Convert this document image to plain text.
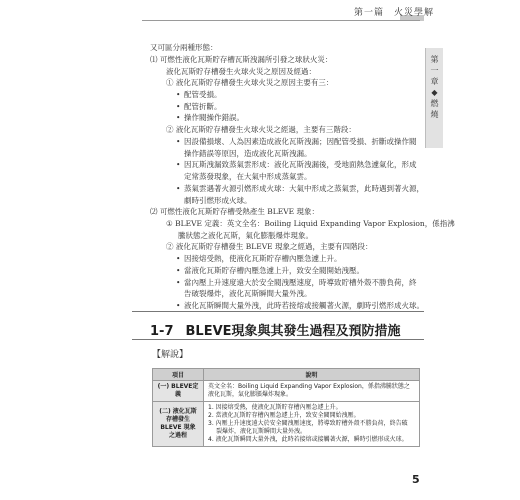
第一篇　火災學解
第
一
章
◆
燃
燒
又可區分兩種形態：
⑴ 可燃性液化瓦斯貯存槽瓦斯洩漏所引發之球狀火災：
液化瓦斯貯存槽發生火球火災之原因及經過：
① 液化瓦斯貯存槽發生火球火災之原因主要有三：
• 配管受損。
• 配管折斷。
• 操作閥操作錯誤。
② 液化瓦斯貯存槽發生火球火災之經過，主要有三階段：
• 因設備損壞、人為因素造成液化瓦斯洩漏；因配管受損、折斷或操作閥
操作錯誤等原因，造成液化瓦斯洩漏。
• 因瓦斯洩漏致蒸氣雲形成：液化瓦斯洩漏後，受地面熱急遽氣化，形成
定常蒸發現象，在大氣中形成蒸氣雲。
• 蒸氣雲遇著火源引燃形成火球：大氣中形成之蒸氣雲，此時遇到著火源，
劇時引燃形成火球。
⑵ 可燃性液化瓦斯貯存槽受熱產生 BLEVE 現象：
① BLEVE 定義：英文全名：Boiling Liquid Expanding Vapor Explosion，係指沸
騰狀態之液化瓦斯，氣化膨脹爆炸現象。
② 液化瓦斯貯存槽發生 BLEVE 現象之經過，主要有四階段：
• 因接熔受熱，使液化瓦斯貯存槽內壓急遽上升。
• 當液化瓦斯貯存槽內壓急遽上升，致安全閥開始洩壓。
1-7 BLEVE現象與其發生過程及預防措施
【解說】
項目	說明
(一) BLEVE定義	英文全名：Boiling Liquid Expanding Vapor Explosion，係指沸騰狀態之液化瓦斯，氣化膨脹爆炸現象。

(二) 液化瓦斯
存槽發生
BLEVE 現象
之過程	1. 因接熔受熱，使液化瓦斯貯存槽內壓急遽上升。
2. 當液化瓦斯貯存槽內壓急遽上升，致安全閥開始洩壓。
3. 內壓上升速度遠大於安全閥洩壓速度，將導致貯槽外殼不勝負荷，終告破
裂爆炸，液化瓦斯瞬間大量外洩。
4. 液化瓦斯瞬間大量外洩，此時若接熔或接觸著火源，瞬時引燃形成火球。
5
• 當內壓上升速度遠大於安全閥洩壓速度，時導致貯槽外殼不勝負荷，終
告破裂爆炸，液化瓦斯瞬間大量外洩。
• 液化瓦斯瞬間大量外洩，此時若接熔或接觸著火源，劇時引燃形成火球。
